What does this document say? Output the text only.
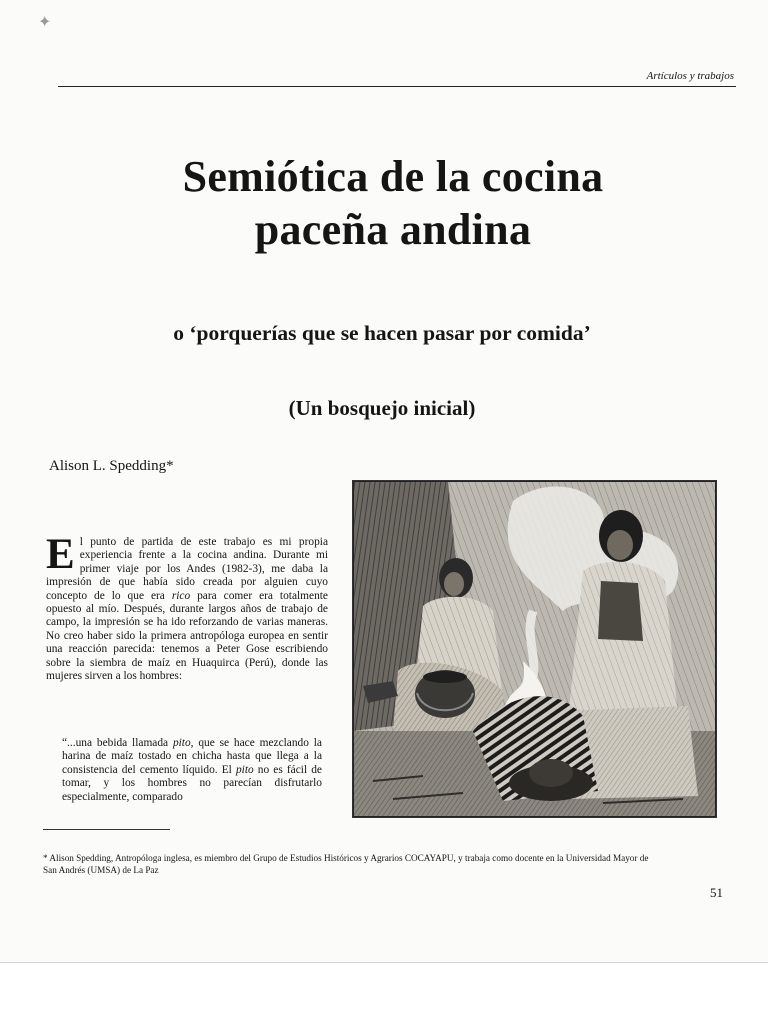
✦
Artículos y trabajos
Semiótica de la cocina
paceña andina
o ‘porquerías que se hacen pasar por comida’
(Un bosquejo inicial)
Alison L. Spedding*

El punto de partida de este trabajo es mi propia experiencia frente a la cocina andina. Durante mi primer viaje por los Andes (1982-3), me daba la impresión de que había sido creada por alguien cuyo concepto de lo que era rico para comer era totalmente opuesto al mío. Después, durante largos años de trabajo de campo, la impresión se ha ido reforzando de varias maneras. No creo haber sido la primera antropóloga europea en sentir una reacción parecida: tenemos a Peter Gose escribiendo sobre la siembra de maíz en Huaquirca (Perú), donde las mujeres sirven a los hombres:

“...una bebida llamada pito, que se hace mezclando la harina de maíz tostado en chicha hasta que llega a la consistencia del cemento líquido. El pito no es fácil de tomar, y los hombres no parecían disfrutarlo especialmente, comparado

* Alison Spedding, Antropóloga inglesa, es miembro del Grupo de Estudios Históricos y Agrarios COCAYAPU, y trabaja como docente en la Universidad Mayor de San Andrés (UMSA) de La Paz

51
